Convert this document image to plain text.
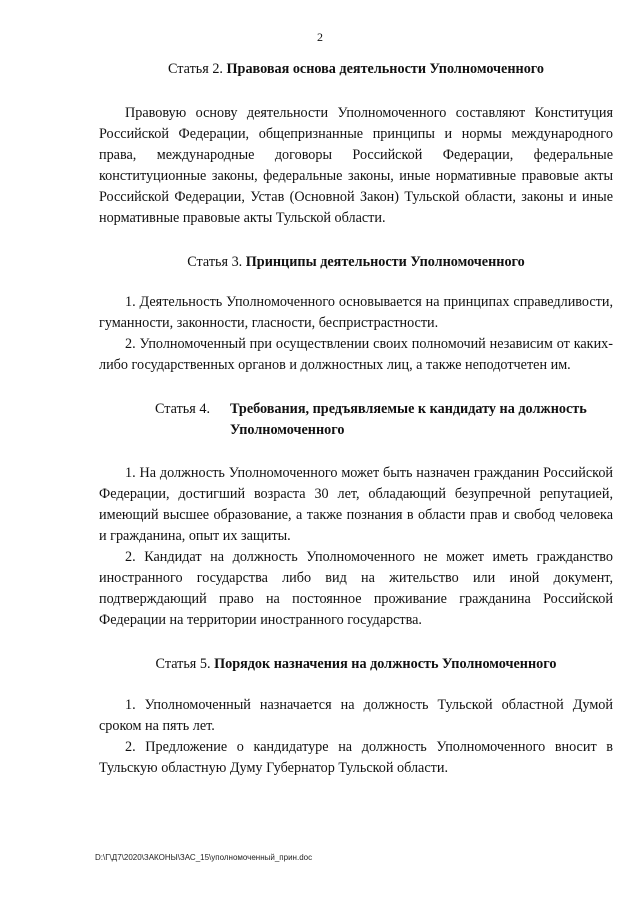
2

Статья 2. Правовая основа деятельности Уполномоченного

Правовую основу деятельности Уполномоченного составляют Конституция Российской Федерации, общепризнанные принципы и нормы международного права, международные договоры Российской Федерации, федеральные конституционные законы, федеральные законы, иные нормативные правовые акты Российской Федерации, Устав (Основной Закон) Тульской области, законы и иные нормативные правовые акты Тульской области.

Статья 3. Принципы деятельности Уполномоченного

1. Деятельность Уполномоченного основывается на принципах справедливости, гуманности, законности, гласности, беспристрастности.

2. Уполномоченный при осуществлении своих полномочий независим от каких-либо государственных органов и должностных лиц, а также неподотчетен им.

Статья 4.	Требования, предъявляемые к кандидату на должность Уполномоченного

1. На должность Уполномоченного может быть назначен гражданин Российской Федерации, достигший возраста 30 лет, обладающий безупречной репутацией, имеющий высшее образование, а также познания в области прав и свобод человека и гражданина, опыт их защиты.

2. Кандидат на должность Уполномоченного не может иметь гражданство иностранного государства либо вид на жительство или иной документ, подтверждающий право на постоянное проживание гражданина Российской Федерации на территории иностранного государства.

Статья 5. Порядок назначения на должность Уполномоченного

1. Уполномоченный назначается на должность Тульской областной Думой сроком на пять лет.

2. Предложение о кандидатуре на должность Уполномоченного вносит в Тульскую областную Думу Губернатор Тульской области.

D:\Г\Д7\2020\ЗАКОНЫ\ЗАС_15\уполномоченный_прин.doc
